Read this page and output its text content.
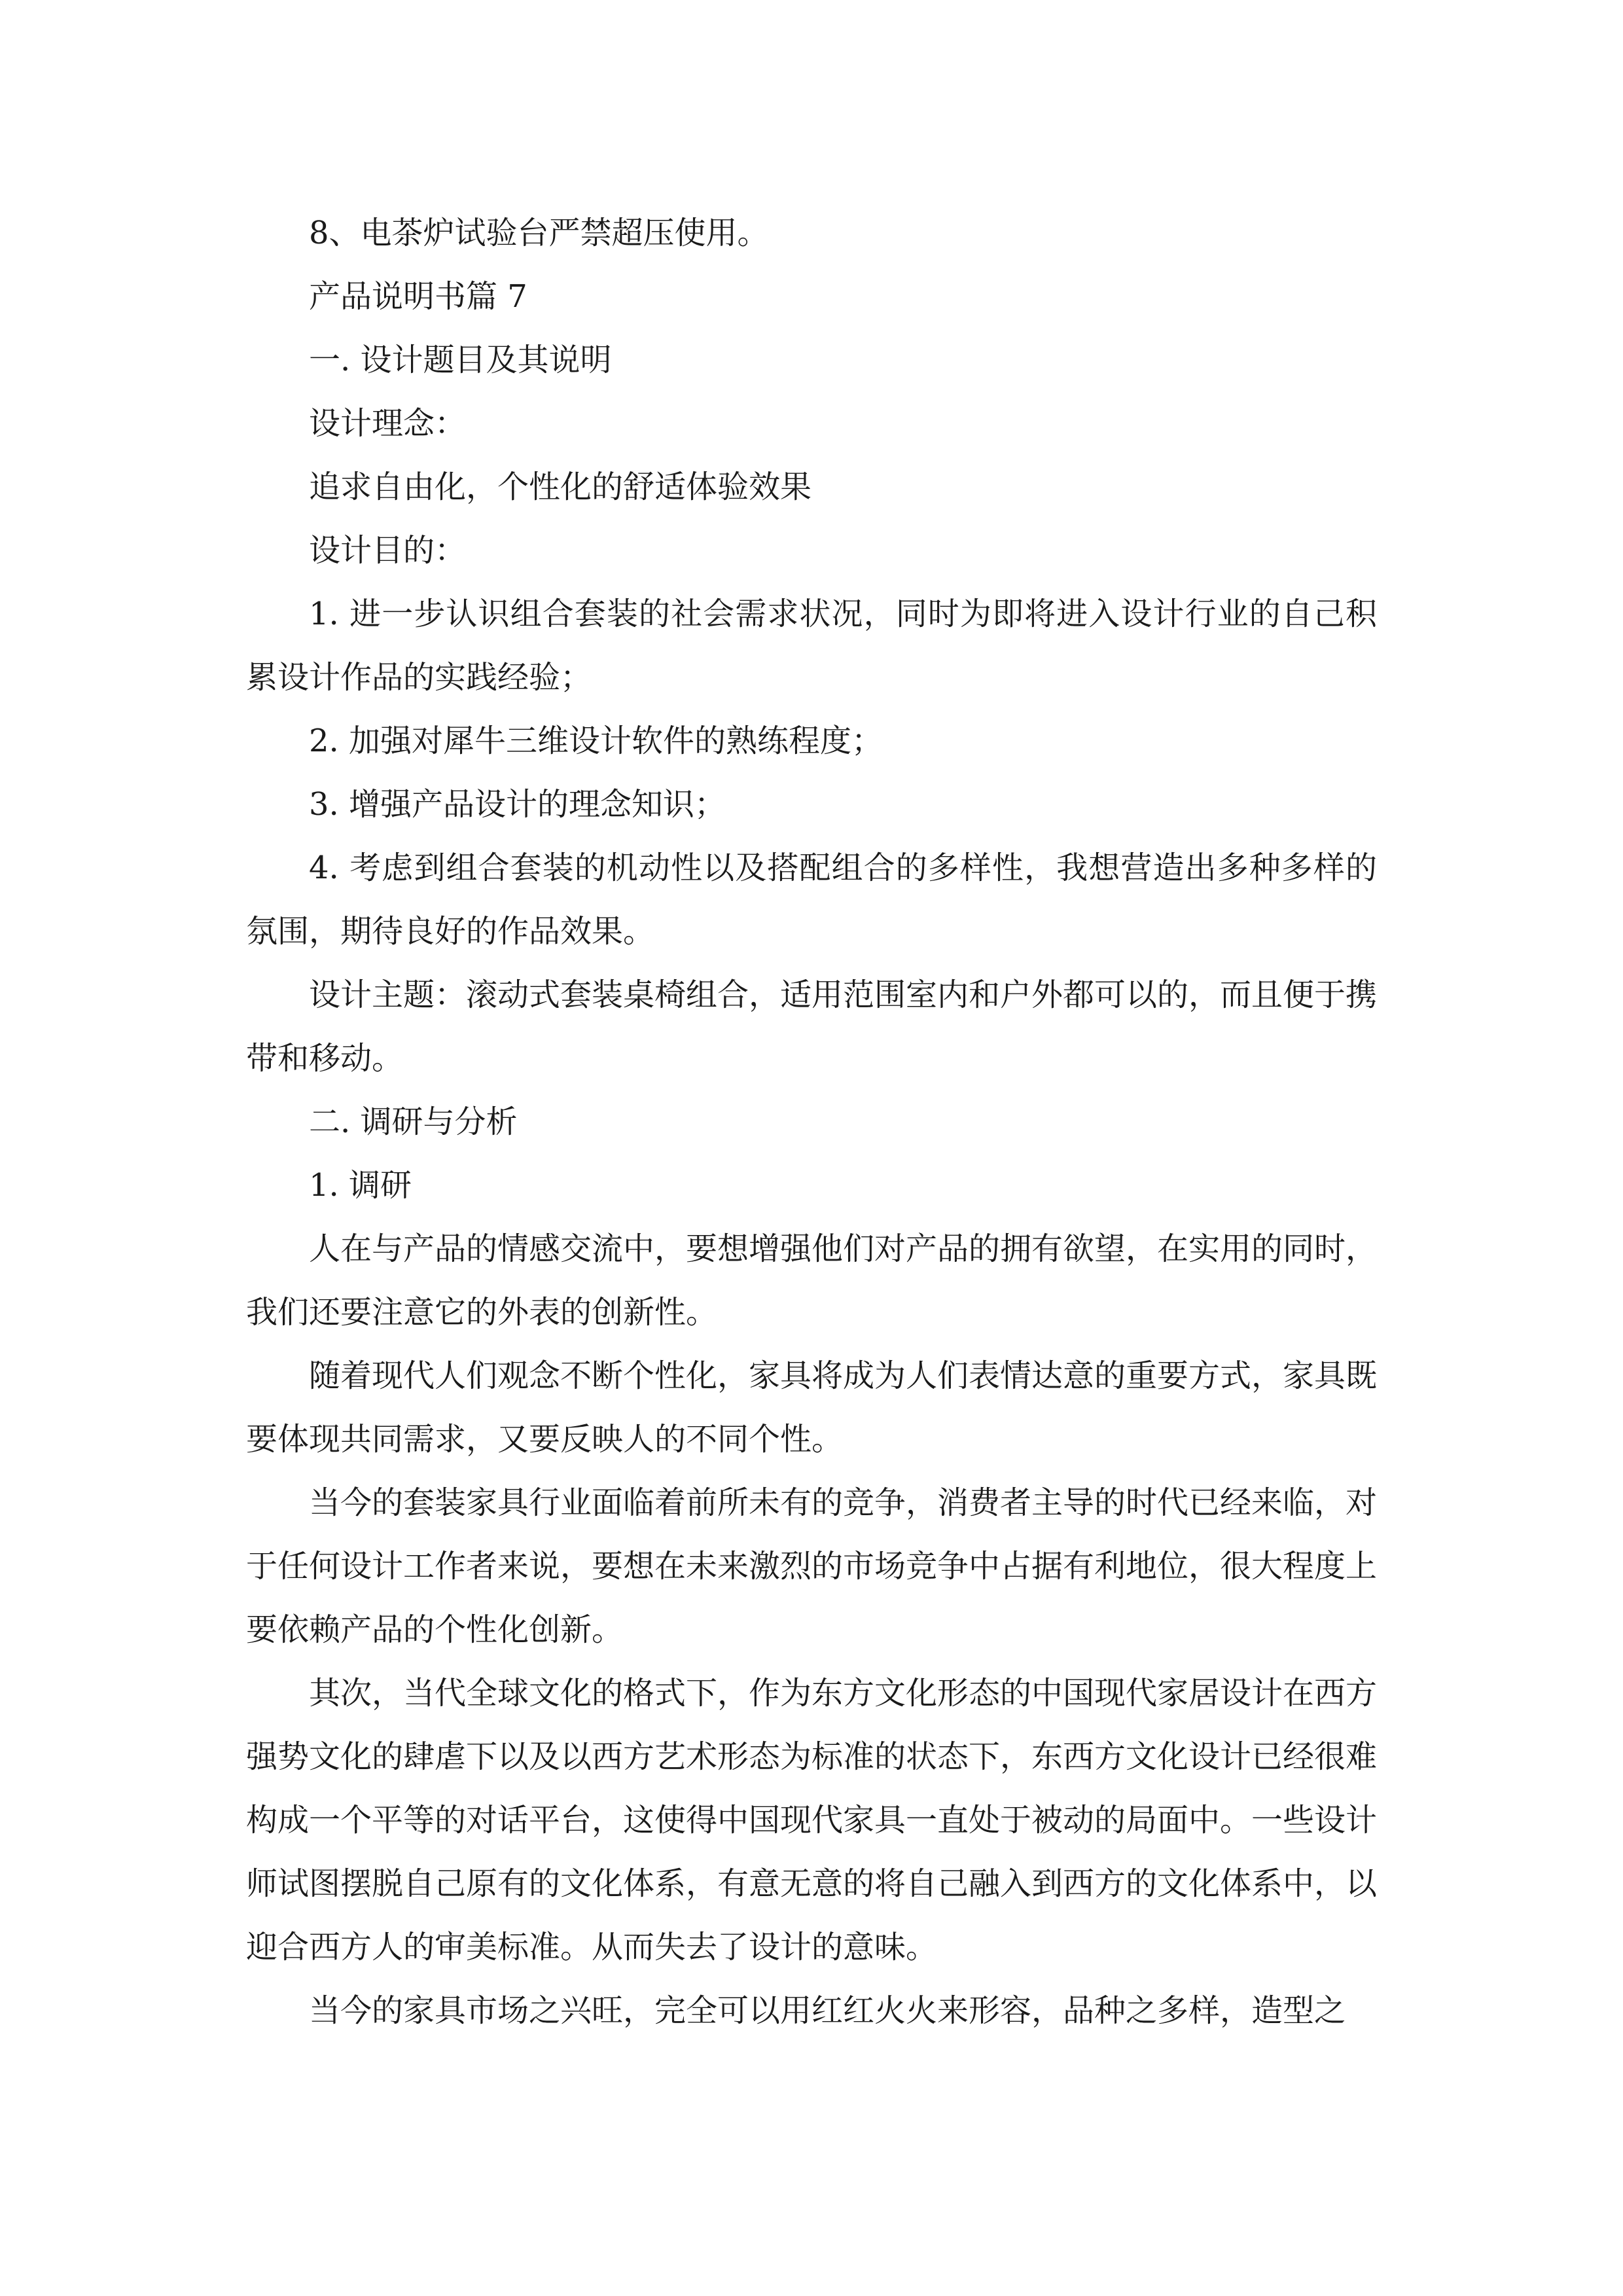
8、电茶炉试验台严禁超压使用。

产品说明书篇 7

一. 设计题目及其说明

设计理念：

追求自由化，个性化的舒适体验效果

设计目的：

1. 进一步认识组合套装的社会需求状况，同时为即将进入设计行业的自己积累设计作品的实践经验；

2. 加强对犀牛三维设计软件的熟练程度；

3. 增强产品设计的理念知识；

4. 考虑到组合套装的机动性以及搭配组合的多样性，我想营造出多种多样的氛围，期待良好的作品效果。

设计主题：滚动式套装桌椅组合，适用范围室内和户外都可以的，而且便于携带和移动。

二. 调研与分析

1. 调研

人在与产品的情感交流中，要想增强他们对产品的拥有欲望，在实用的同时，我们还要注意它的外表的创新性。

随着现代人们观念不断个性化，家具将成为人们表情达意的重要方式，家具既要体现共同需求，又要反映人的不同个性。

当今的套装家具行业面临着前所未有的竞争，消费者主导的时代已经来临，对于任何设计工作者来说，要想在未来激烈的市场竞争中占据有利地位，很大程度上要依赖产品的个性化创新。

其次，当代全球文化的格式下，作为东方文化形态的中国现代家居设计在西方强势文化的肆虐下以及以西方艺术形态为标准的状态下，东西方文化设计已经很难构成一个平等的对话平台，这使得中国现代家具一直处于被动的局面中。一些设计师试图摆脱自己原有的文化体系，有意无意的将自己融入到西方的文化体系中，以迎合西方人的审美标准。从而失去了设计的意味。

当今的家具市场之兴旺，完全可以用红红火火来形容，品种之多样，造型之
